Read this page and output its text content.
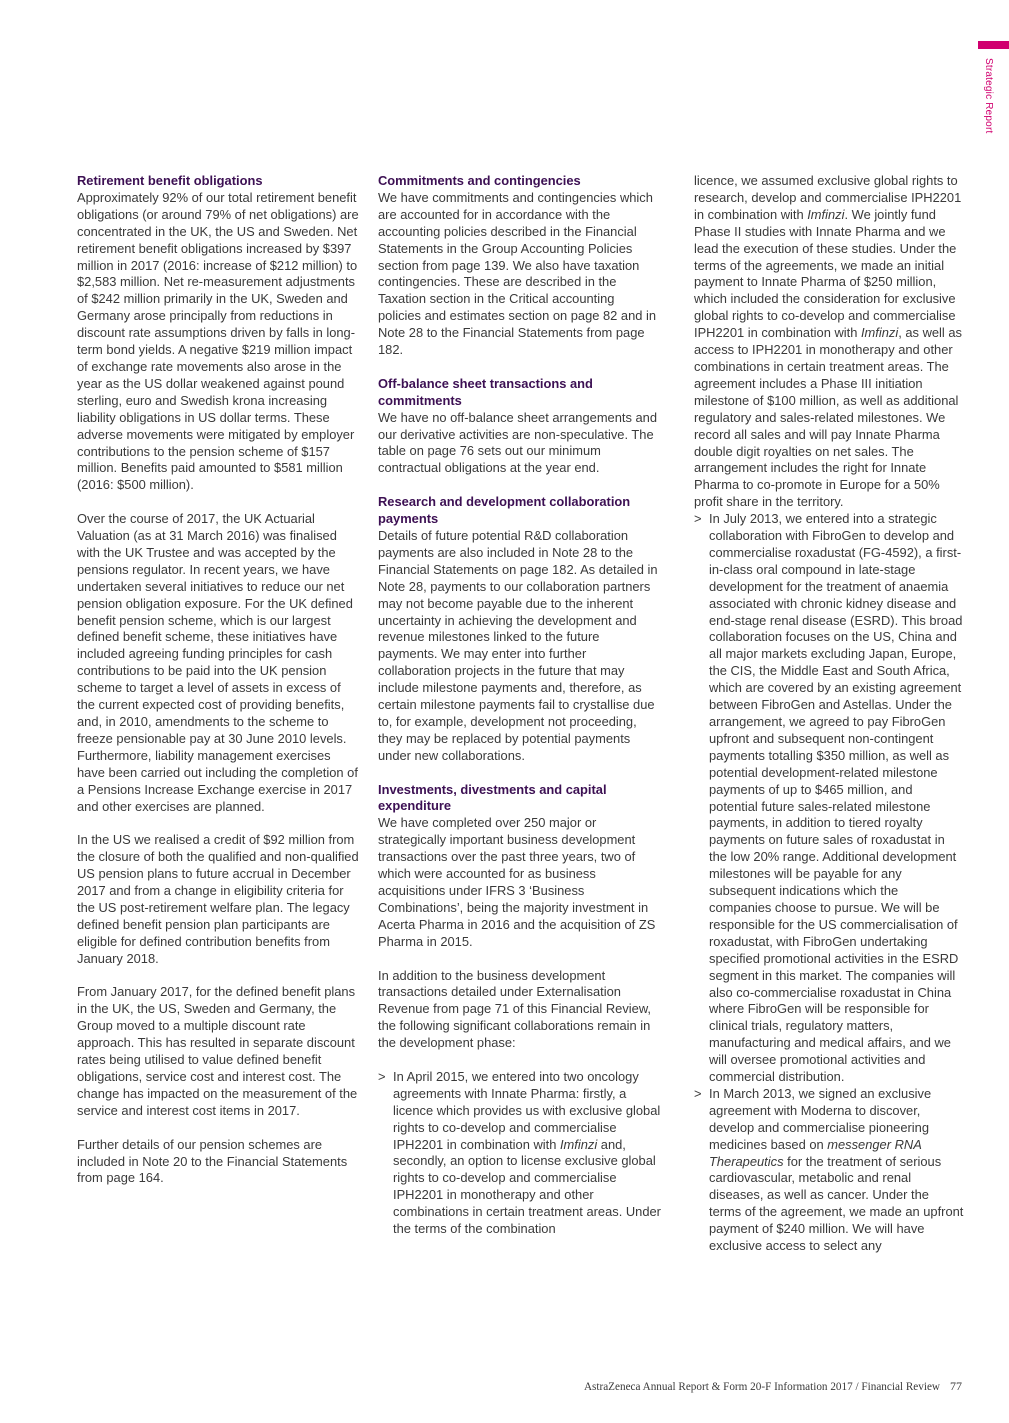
Strategic Report
Retirement benefit obligations

Approximately 92% of our total retirement benefit obligations (or around 79% of net obligations) are concentrated in the UK, the US and Sweden. Net retirement benefit obligations increased by $397 million in 2017 (2016: increase of $212 million) to $2,583 million. Net re-measurement adjustments of $242 million primarily in the UK, Sweden and Germany arose principally from reductions in discount rate assumptions driven by falls in long-term bond yields. A negative $219 million impact of exchange rate movements also arose in the year as the US dollar weakened against pound sterling, euro and Swedish krona increasing liability obligations in US dollar terms. These adverse movements were mitigated by employer contributions to the pension scheme of $157 million. Benefits paid amounted to $581 million (2016: $500 million).

Over the course of 2017, the UK Actuarial Valuation (as at 31 March 2016) was finalised with the UK Trustee and was accepted by the pensions regulator. In recent years, we have undertaken several initiatives to reduce our net pension obligation exposure. For the UK defined benefit pension scheme, which is our largest defined benefit scheme, these initiatives have included agreeing funding principles for cash contributions to be paid into the UK pension scheme to target a level of assets in excess of the current expected cost of providing benefits, and, in 2010, amendments to the scheme to freeze pensionable pay at 30 June 2010 levels. Furthermore, liability management exercises have been carried out including the completion of a Pensions Increase Exchange exercise in 2017 and other exercises are planned.

In the US we realised a credit of $92 million from the closure of both the qualified and non-qualified US pension plans to future accrual in December 2017 and from a change in eligibility criteria for the US post-retirement welfare plan. The legacy defined benefit pension plan participants are eligible for defined contribution benefits from January 2018.

From January 2017, for the defined benefit plans in the UK, the US, Sweden and Germany, the Group moved to a multiple discount rate approach. This has resulted in separate discount rates being utilised to value defined benefit obligations, service cost and interest cost. The change has impacted on the measurement of the service and interest cost items in 2017.

Further details of our pension schemes are included in Note 20 to the Financial Statements from page 164.

Commitments and contingencies

We have commitments and contingencies which are accounted for in accordance with the accounting policies described in the Financial Statements in the Group Accounting Policies section from page 139. We also have taxation contingencies. These are described in the Taxation section in the Critical accounting policies and estimates section on page 82 and in Note 28 to the Financial Statements from page 182.

Off-balance sheet transactions and commitments

We have no off-balance sheet arrangements and our derivative activities are non-speculative. The table on page 76 sets out our minimum contractual obligations at the year end.

Research and development collaboration payments

Details of future potential R&D collaboration payments are also included in Note 28 to the Financial Statements on page 182. As detailed in Note 28, payments to our collaboration partners may not become payable due to the inherent uncertainty in achieving the development and revenue milestones linked to the future payments. We may enter into further collaboration projects in the future that may include milestone payments and, therefore, as certain milestone payments fail to crystallise due to, for example, development not proceeding, they may be replaced by potential payments under new collaborations.

Investments, divestments and capital expenditure

We have completed over 250 major or strategically important business development transactions over the past three years, two of which were accounted for as business acquisitions under IFRS 3 ‘Business Combinations’, being the majority investment in Acerta Pharma in 2016 and the acquisition of ZS Pharma in 2015.

In addition to the business development transactions detailed under Externalisation Revenue from page 71 of this Financial Review, the following significant collaborations remain in the development phase:

> In April 2015, we entered into two oncology agreements with Innate Pharma: firstly, a licence which provides us with exclusive global rights to co-develop and commercialise IPH2201 in combination with Imfinzi and, secondly, an option to license exclusive global rights to co-develop and commercialise IPH2201 in monotherapy and other combinations in certain treatment areas. Under the terms of the combination

licence, we assumed exclusive global rights to research, develop and commercialise IPH2201 in combination with Imfinzi. We jointly fund Phase II studies with Innate Pharma and we lead the execution of these studies. Under the terms of the agreements, we made an initial payment to Innate Pharma of $250 million, which included the consideration for exclusive global rights to co-develop and commercialise IPH2201 in combination with Imfinzi, as well as access to IPH2201 in monotherapy and other combinations in certain treatment areas. The agreement includes a Phase III initiation milestone of $100 million, as well as additional regulatory and sales-related milestones. We record all sales and will pay Innate Pharma double digit royalties on net sales. The arrangement includes the right for Innate Pharma to co-promote in Europe for a 50% profit share in the territory.

> In July 2013, we entered into a strategic collaboration with FibroGen to develop and commercialise roxadustat (FG-4592), a first-in-class oral compound in late-stage development for the treatment of anaemia associated with chronic kidney disease and end-stage renal disease (ESRD). This broad collaboration focuses on the US, China and all major markets excluding Japan, Europe, the CIS, the Middle East and South Africa, which are covered by an existing agreement between FibroGen and Astellas. Under the arrangement, we agreed to pay FibroGen upfront and subsequent non-contingent payments totalling $350 million, as well as potential development-related milestone payments of up to $465 million, and potential future sales-related milestone payments, in addition to tiered royalty payments on future sales of roxadustat in the low 20% range. Additional development milestones will be payable for any subsequent indications which the companies choose to pursue. We will be responsible for the US commercialisation of roxadustat, with FibroGen undertaking specified promotional activities in the ESRD segment in this market. The companies will also co-commercialise roxadustat in China where FibroGen will be responsible for clinical trials, regulatory matters, manufacturing and medical affairs, and we will oversee promotional activities and commercial distribution.
> In March 2013, we signed an exclusive agreement with Moderna to discover, develop and commercialise pioneering medicines based on messenger RNA Therapeutics for the treatment of serious cardiovascular, metabolic and renal diseases, as well as cancer. Under the terms of the agreement, we made an upfront payment of $240 million. We will have exclusive access to select any
AstraZeneca Annual Report & Form 20-F Information 2017 / Financial Review 77
